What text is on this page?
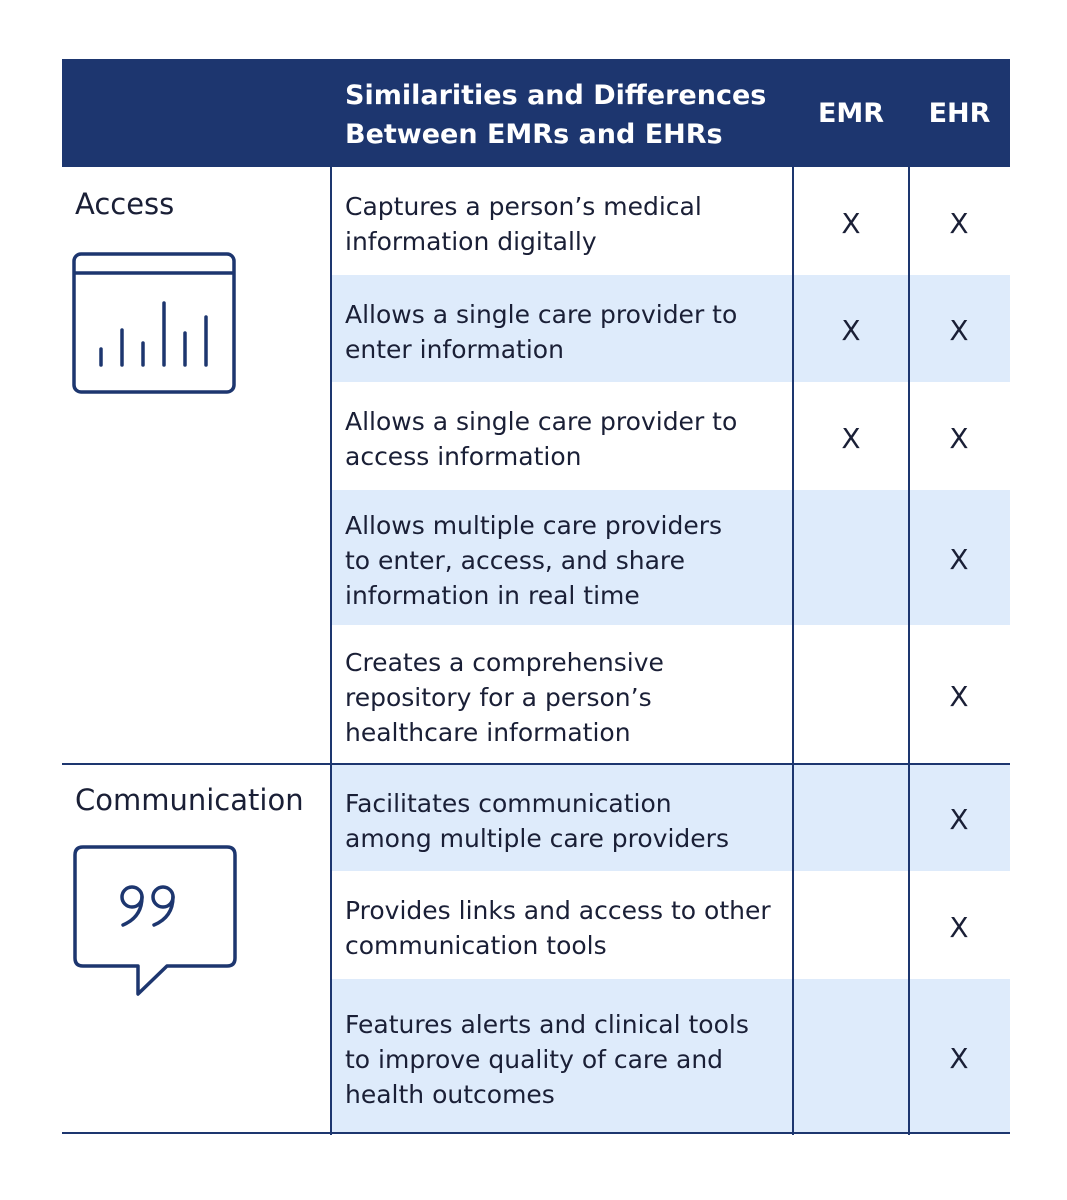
Similarities and Differences
Between EMRs and EHRs
EMR	EHR
Captures a person’s medical
information digitally
Allows a single care provider to
enter information
Allows a single care provider to
access information
Allows multiple care providers
to enter, access, and share
information in real time
Creates a comprehensive
repository for a person’s
healthcare information
Facilitates communication
among multiple care providers
Provides links and access to other
communication tools
Features alerts and clinical tools
to improve quality of care and
health outcomes
X
X
X
X
X
X
X
X
X
X
X
Access
Communication
